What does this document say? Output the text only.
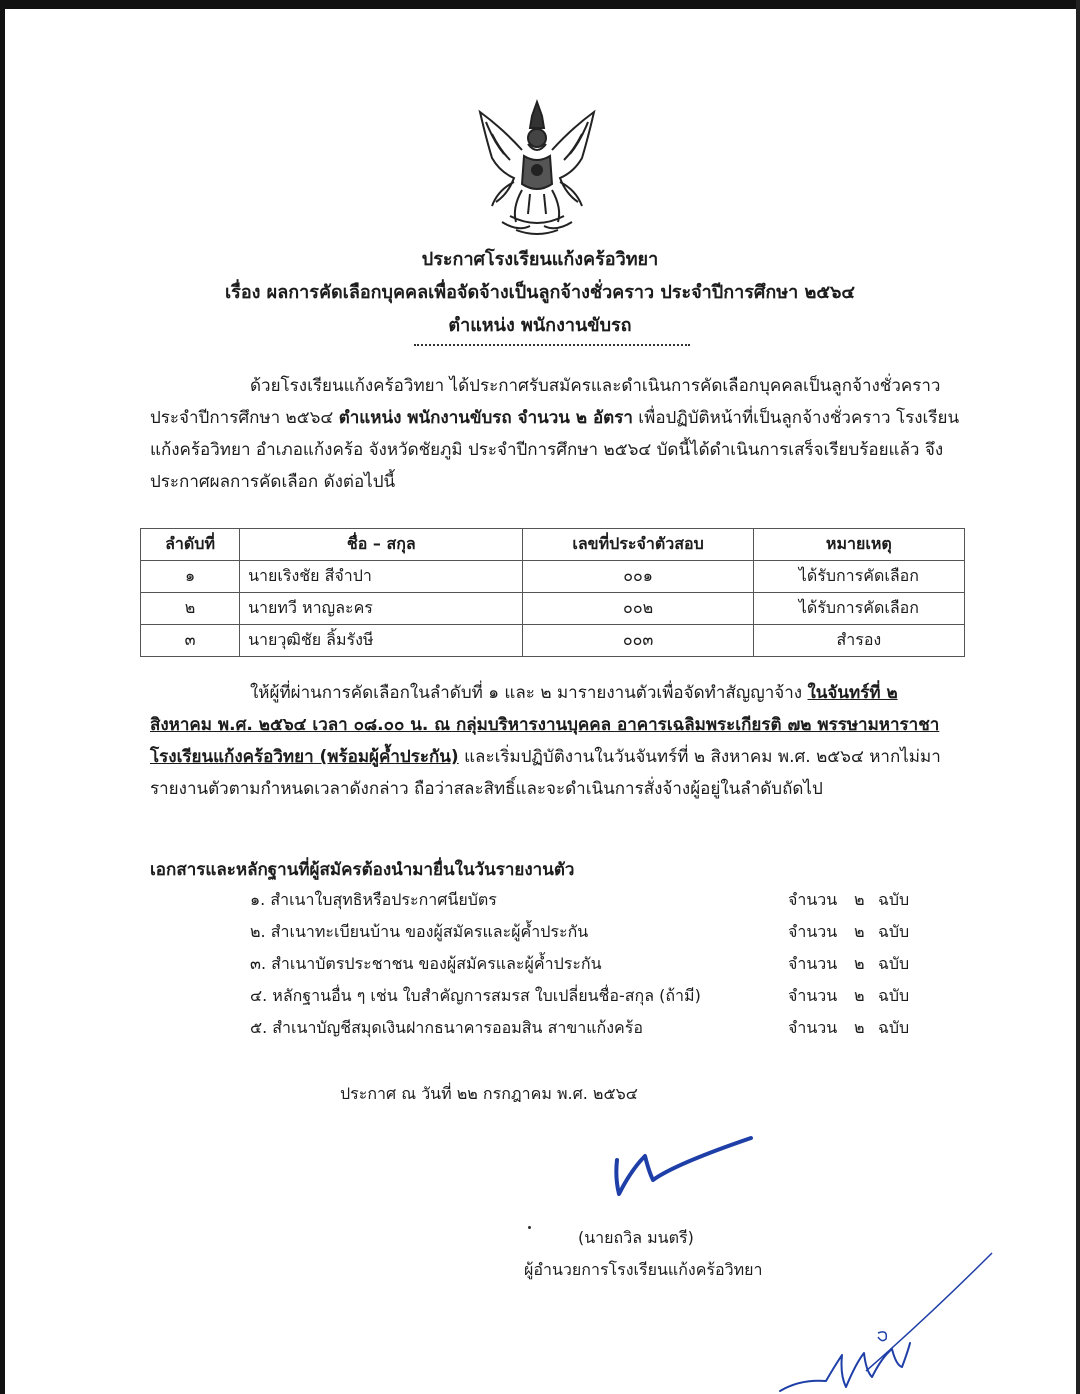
ประกาศโรงเรียนแก้งคร้อวิทยา
เรื่อง ผลการคัดเลือกบุคคลเพื่อจัดจ้างเป็นลูกจ้างชั่วคราว ประจำปีการศึกษา ๒๕๖๔
ตำแหน่ง พนักงานขับรถ
ด้วยโรงเรียนแก้งคร้อวิทยา ได้ประกาศรับสมัครและดำเนินการคัดเลือกบุคคลเป็นลูกจ้างชั่วคราว ประจำปีการศึกษา ๒๕๖๔ ตำแหน่ง พนักงานขับรถ จำนวน ๒ อัตรา เพื่อปฏิบัติหน้าที่เป็นลูกจ้างชั่วคราว โรงเรียนแก้งคร้อวิทยา อำเภอแก้งคร้อ จังหวัดชัยภูมิ ประจำปีการศึกษา ๒๕๖๔ บัดนี้ได้ดำเนินการเสร็จเรียบร้อยแล้ว จึงประกาศผลการคัดเลือก ดังต่อไปนี้
ลำดับที่	ชื่อ – สกุล	เลขที่ประจำตัวสอบ	หมายเหตุ
๑	นายเริงชัย สีจำปา	๐๐๑	ได้รับการคัดเลือก
๒	นายทวี หาญละคร	๐๐๒	ได้รับการคัดเลือก
๓	นายวุฒิชัย ลิ้มรังษี	๐๐๓	สำรอง
ให้ผู้ที่ผ่านการคัดเลือกในลำดับที่ ๑ และ ๒ มารายงานตัวเพื่อจัดทำสัญญาจ้าง ในจันทร์ที่ ๒ สิงหาคม พ.ศ. ๒๕๖๔ เวลา ๐๘.๐๐ น. ณ กลุ่มบริหารงานบุคคล อาคารเฉลิมพระเกียรติ ๗๒ พรรษามหาราชา โรงเรียนแก้งคร้อวิทยา (พร้อมผู้ค้ำประกัน) และเริ่มปฏิบัติงานในวันจันทร์ที่ ๒ สิงหาคม พ.ศ. ๒๕๖๔ หากไม่มารายงานตัวตามกำหนดเวลาดังกล่าว ถือว่าสละสิทธิ์และจะดำเนินการสั่งจ้างผู้อยู่ในลำดับถัดไป
เอกสารและหลักฐานที่ผู้สมัครต้องนำมายื่นในวันรายงานตัว
๑. สำเนาใบสุทธิหรือประกาศนียบัตร	จำนวน ๒ ฉบับ
๒. สำเนาทะเบียนบ้าน ของผู้สมัครและผู้ค้ำประกัน	จำนวน ๒ ฉบับ
๓. สำเนาบัตรประชาชน ของผู้สมัครและผู้ค้ำประกัน	จำนวน ๒ ฉบับ
๔. หลักฐานอื่น ๆ เช่น ใบสำคัญการสมรส ใบเปลี่ยนชื่อ-สกุล (ถ้ามี)	จำนวน ๒ ฉบับ
๕. สำเนาบัญชีสมุดเงินฝากธนาคารออมสิน สาขาแก้งคร้อ	จำนวน ๒ ฉบับ
ประกาศ ณ วันที่ ๒๒ กรกฎาคม พ.ศ. ๒๕๖๔
(นายถวิล มนตรี)
ผู้อำนวยการโรงเรียนแก้งคร้อวิทยา
